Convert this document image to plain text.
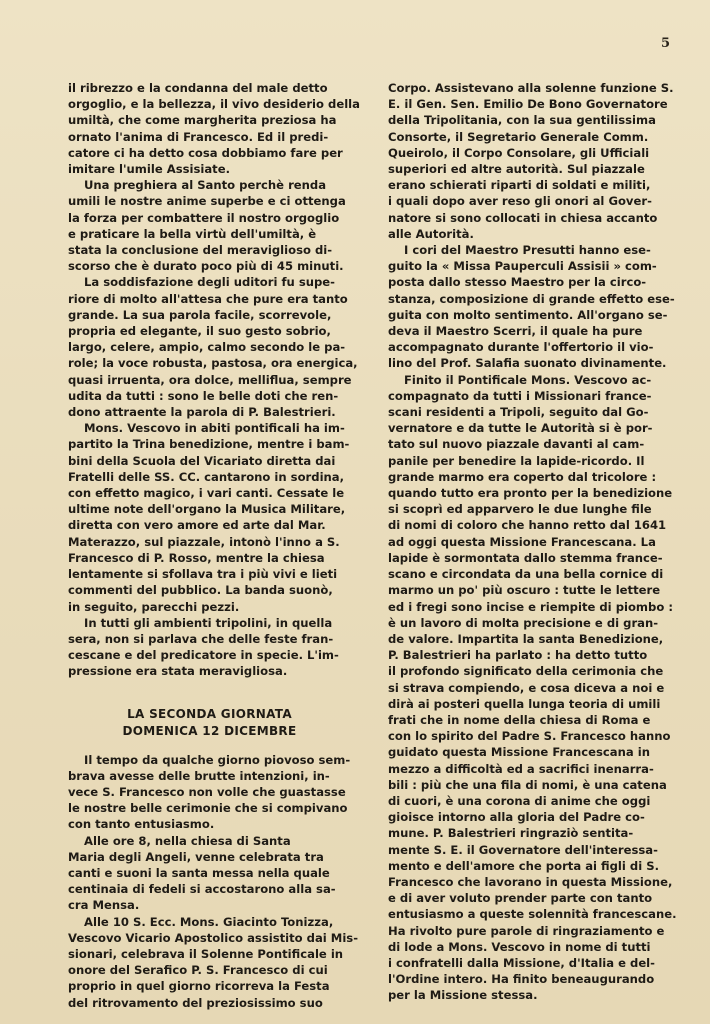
5

il ribrezzo e la condanna del male detto
orgoglio, e la bellezza, il vivo desiderio della
umiltà, che come margherita preziosa ha
ornato l'anima di Francesco. Ed il predi-
catore ci ha detto cosa dobbiamo fare per
imitare l'umile Assisiate.

Una preghiera al Santo perchè renda
umili le nostre anime superbe e ci ottenga
la forza per combattere il nostro orgoglio
e praticare la bella virtù dell'umiltà, è
stata la conclusione del meraviglioso di-
scorso che è durato poco più di 45 minuti.

La soddisfazione degli uditori fu supe-
riore di molto all'attesa che pure era tanto
grande. La sua parola facile, scorrevole,
propria ed elegante, il suo gesto sobrio,
largo, celere, ampio, calmo secondo le pa-
role; la voce robusta, pastosa, ora energica,
quasi irruenta, ora dolce, melliflua, sempre
udita da tutti : sono le belle doti che ren-
dono attraente la parola di P. Balestrieri.

Mons. Vescovo in abiti pontificali ha im-
partito la Trina benedizione, mentre i bam-
bini della Scuola del Vicariato diretta dai
Fratelli delle SS. CC. cantarono in sordina,
con effetto magico, i vari canti. Cessate le
ultime note dell'organo la Musica Militare,
diretta con vero amore ed arte dal Mar.
Materazzo, sul piazzale, intonò l'inno a S.
Francesco di P. Rosso, mentre la chiesa
lentamente si sfollava tra i più vivi e lieti
commenti del pubblico. La banda suonò,
in seguito, parecchi pezzi.

In tutti gli ambienti tripolini, in quella
sera, non si parlava che delle feste fran-
cescane e del predicatore in specie. L'im-
pressione era stata meravigliosa.

LA SECONDA GIORNATA
DOMENICA 12 DICEMBRE

Il tempo da qualche giorno piovoso sem-
brava avesse delle brutte intenzioni, in-
vece S. Francesco non volle che guastasse
le nostre belle cerimonie che si compivano
con tanto entusiasmo.

Alle ore 8, nella chiesa di Santa
Maria degli Angeli, venne celebrata tra
canti e suoni la santa messa nella quale
centinaia di fedeli si accostarono alla sa-
cra Mensa.

Alle 10 S. Ecc. Mons. Giacinto Tonizza,
Vescovo Vicario Apostolico assistito dai Mis-
sionari, celebrava il Solenne Pontificale in
onore del Serafico P. S. Francesco di cui
proprio in quel giorno ricorreva la Festa
del ritrovamento del preziosissimo suo

Corpo. Assistevano alla solenne funzione S.
E. il Gen. Sen. Emilio De Bono Governatore
della Tripolitania, con la sua gentilissima
Consorte, il Segretario Generale Comm.
Queirolo, il Corpo Consolare, gli Ufficiali
superiori ed altre autorità. Sul piazzale
erano schierati riparti di soldati e militi,
i quali dopo aver reso gli onori al Gover-
natore si sono collocati in chiesa accanto
alle Autorità.

I cori del Maestro Presutti hanno ese-
guito la « Missa Pauperculi Assisii » com-
posta dallo stesso Maestro per la circo-
stanza, composizione di grande effetto ese-
guita con molto sentimento. All'organo se-
deva il Maestro Scerri, il quale ha pure
accompagnato durante l'offertorio il vio-
lino del Prof. Salafia suonato divinamente.

Finito il Pontificale Mons. Vescovo ac-
compagnato da tutti i Missionari france-
scani residenti a Tripoli, seguito dal Go-
vernatore e da tutte le Autorità si è por-
tato sul nuovo piazzale davanti al cam-
panile per benedire la lapide-ricordo. Il
grande marmo era coperto dal tricolore :
quando tutto era pronto per la benedizione
si scoprì ed apparvero le due lunghe file
di nomi di coloro che hanno retto dal 1641
ad oggi questa Missione Francescana. La
lapide è sormontata dallo stemma france-
scano e circondata da una bella cornice di
marmo un po' più oscuro : tutte le lettere
ed i fregi sono incise e riempite di piombo :
è un lavoro di molta precisione e di gran-
de valore. Impartita la santa Benedizione,
P. Balestrieri ha parlato : ha detto tutto
il profondo significato della cerimonia che
si strava compiendo, e cosa diceva a noi e
dirà ai posteri quella lunga teoria di umili
frati che in nome della chiesa di Roma e
con lo spirito del Padre S. Francesco hanno
guidato questa Missione Francescana in
mezzo a difficoltà ed a sacrifici inenarra-
bili : più che una fila di nomi, è una catena
di cuori, è una corona di anime che oggi
gioisce intorno alla gloria del Padre co-
mune. P. Balestrieri ringraziò sentita-
mente S. E. il Governatore dell'interessa-
mento e dell'amore che porta ai figli di S.
Francesco che lavorano in questa Missione,
e di aver voluto prender parte con tanto
entusiasmo a queste solennità francescane.
Ha rivolto pure parole di ringraziamento e
di lode a Mons. Vescovo in nome di tutti
i confratelli dalla Missione, d'Italia e del-
l'Ordine intero. Ha finito beneaugurando
per la Missione stessa.
